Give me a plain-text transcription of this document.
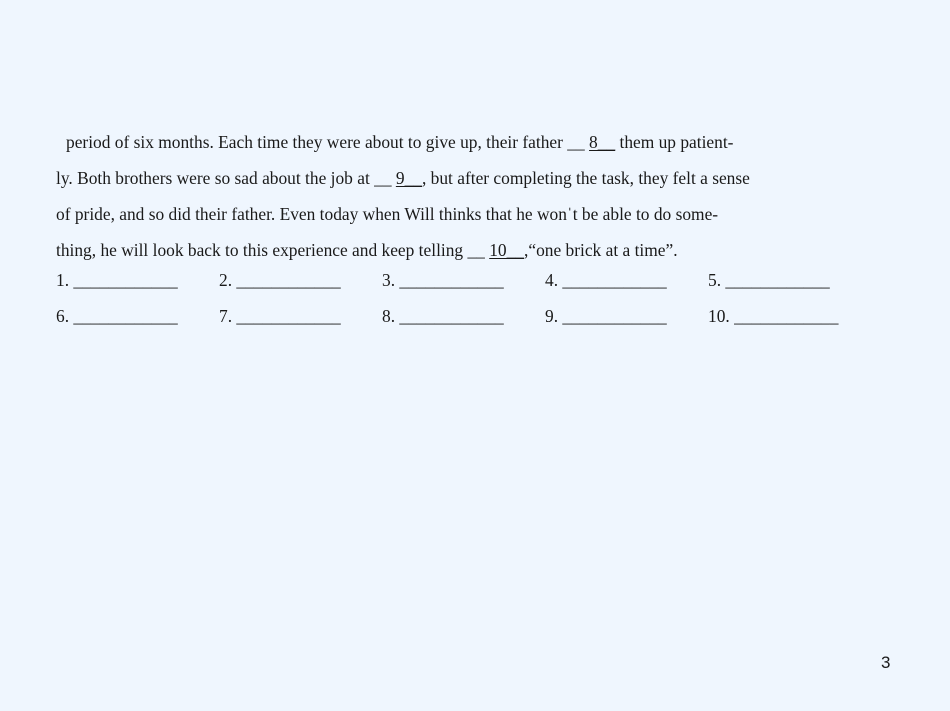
period of six months. Each time they were about to give up, their father __ 8__ them up patient-
ly. Both brothers were so sad about the job at __ 9__, but after completing the task, they felt a sense
of pride, and so did their father. Even today when Will thinks that he wonˈt be able to do some-
thing, he will look back to this experience and keep telling __ 10__,“one brick at a time”.
1. ____________ 2. ____________ 3. ____________ 4. ____________ 5. ____________
6. ____________ 7. ____________ 8. ____________ 9. ____________ 10. ____________
3
